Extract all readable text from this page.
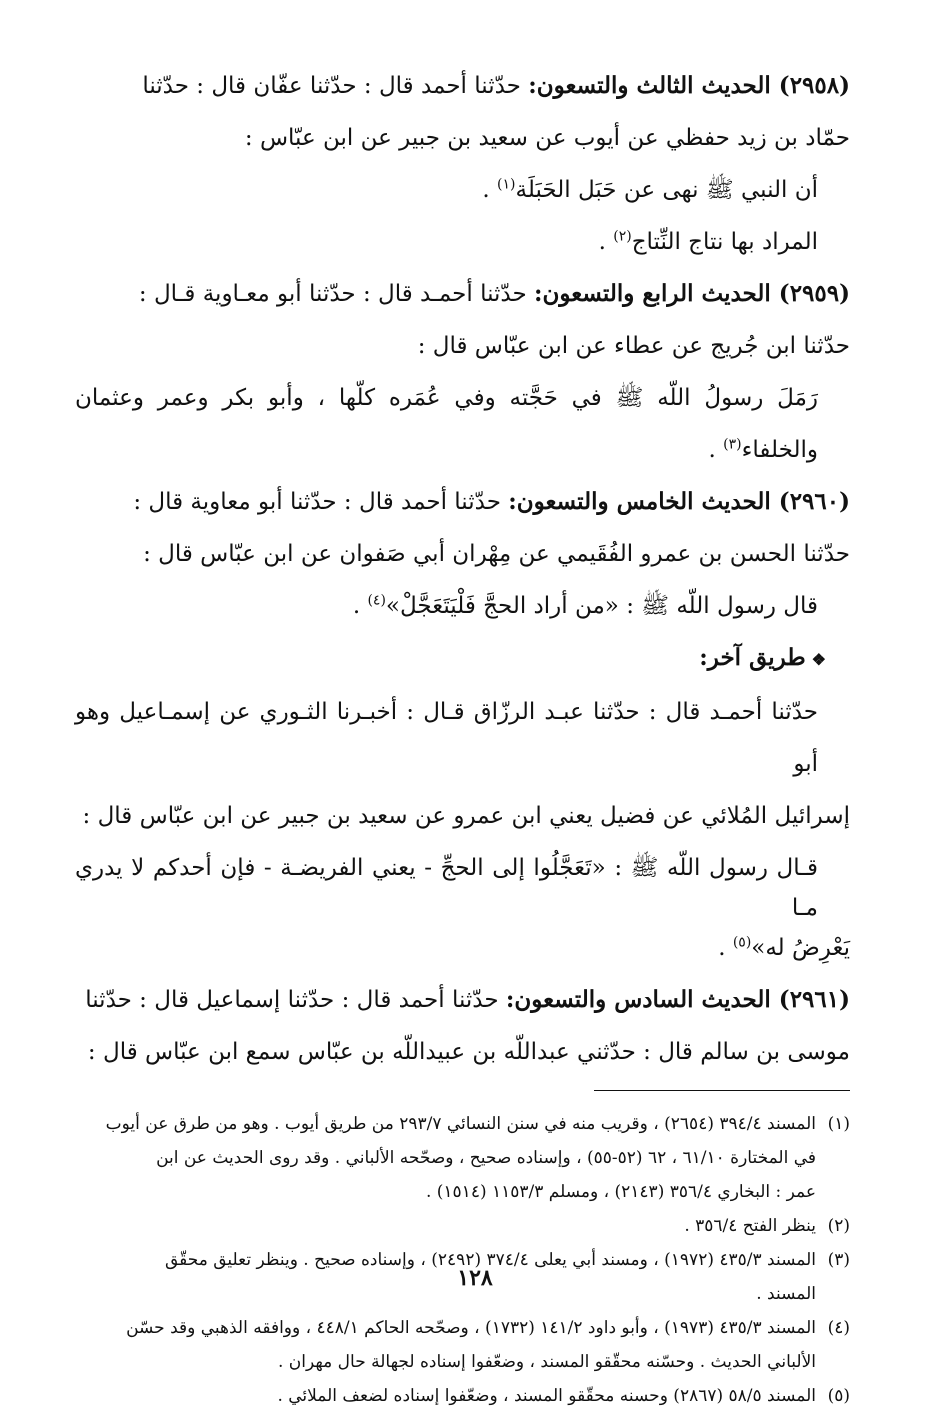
(٢٩٥٨) الحديث الثالث والتسعون: حدّثنا أحمد قال : حدّثنا عفّان قال : حدّثنا
حمّاد بن زيد حفظي عن أيوب عن سعيد بن جبير عن ابن عبّاس :

أن النبي ﷺ نهى عن حَبَل الحَبَلَة$^{(١)}$ .

المراد بها نتاج النِّتاج$^{(٢)}$ .

(٢٩٥٩) الحديث الرابع والتسعون: حدّثنا أحمـد قال : حدّثنا أبو معـاوية قـال :
حدّثنا ابن جُريج عن عطاء عن ابن عبّاس قال :

رَمَلَ رسولُ اللّه ﷺ في حَجَّته وفي عُمَره كلّها ، وأبو بكر وعمر وعثمان والخلفاء$^{(٣)}$ .

(٢٩٦٠) الحديث الخامس والتسعون: حدّثنا أحمد قال : حدّثنا أبو معاوية قال :
حدّثنا الحسن بن عمرو الفُقَيمي عن مِهْران أبي صَفوان عن ابن عبّاس قال :

قال رسول اللّه ﷺ : «من أراد الحجَّ فَلْيَتَعَجَّلْ»$^{(٤)}$ .

❖طريق آخر:

حدّثنا أحمـد قال : حدّثنا عبـد الرزّاق قـال : أخبـرنا الثـوري عن إسمـاعيل وهو أبو

إسرائيل المُلائي عن فضيل يعني ابن عمرو عن سعيد بن جبير عن ابن عبّاس قال :

قـال رسول اللّه ﷺ : «تَعَجَّلُوا إلى الحجِّ - يعني الفريضـة - فإن أحدكم لا يدري مـا

يَعْرِضُ له»$^{(٥)}$ .

(٢٩٦١) الحديث السادس والتسعون: حدّثنا أحمد قال : حدّثنا إسماعيل قال : حدّثنا
موسى بن سالم قال : حدّثني عبداللّه بن عبيداللّه بن عبّاس سمع ابن عبّاس قال :

(١)
المسند ٣٩٤/٤ (٢٦٥٤) ، وقريب منه في سنن النسائي ٢٩٣/٧ من طريق أيوب . وهو من طرق عن أيوب
في المختارة ٦١/١٠ ، ٦٢ (٥٢-٥٥) ، وإسناده صحيح ، وصحّحه الألباني . وقد روى الحديث عن ابن
عمر : البخاري ٣٥٦/٤ (٢١٤٣) ، ومسلم ١١٥٣/٣ (١٥١٤) .

(٢)
ينظر الفتح ٣٥٦/٤ .

(٣)
المسند ٤٣٥/٣ (١٩٧٢) ، ومسند أبي يعلى ٣٧٤/٤ (٢٤٩٢) ، وإسناده صحيح . وينظر تعليق محقّق
المسند .

(٤)
المسند ٤٣٥/٣ (١٩٧٣) ، وأبو داود ١٤١/٢ (١٧٣٢) ، وصحّحه الحاكم ٤٤٨/١ ، ووافقه الذهبي وقد حسّن
الألباني الحديث . وحسّنه محقّقو المسند ، وضعّفوا إسناده لجهالة حال مهران .

(٥)
المسند ٥٨/٥ (٢٨٦٧) وحسنه محقّقو المسند ، وضعّفوا إسناده لضعف الملائي .

١٢٨
